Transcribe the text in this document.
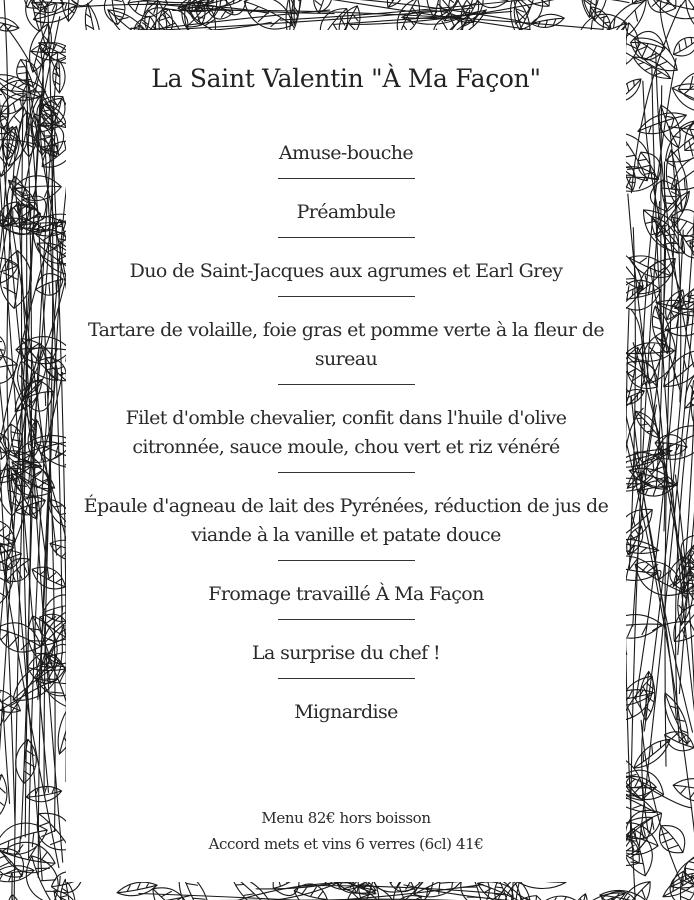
La Saint Valentin "À Ma Façon"
Amuse-bouche
Préambule
Duo de Saint-Jacques aux agrumes et Earl Grey
Tartare de volaille, foie gras et pomme verte à la fleur de sureau
Filet d'omble chevalier, confit dans l'huile d'olive citronnée, sauce moule, chou vert et riz vénéré
Épaule d'agneau de lait des Pyrénées, réduction de jus de viande à la vanille et patate douce
Fromage travaillé À Ma Façon
La surprise du chef !
Mignardise
Menu 82€ hors boisson
Accord mets et vins 6 verres (6cl) 41€
